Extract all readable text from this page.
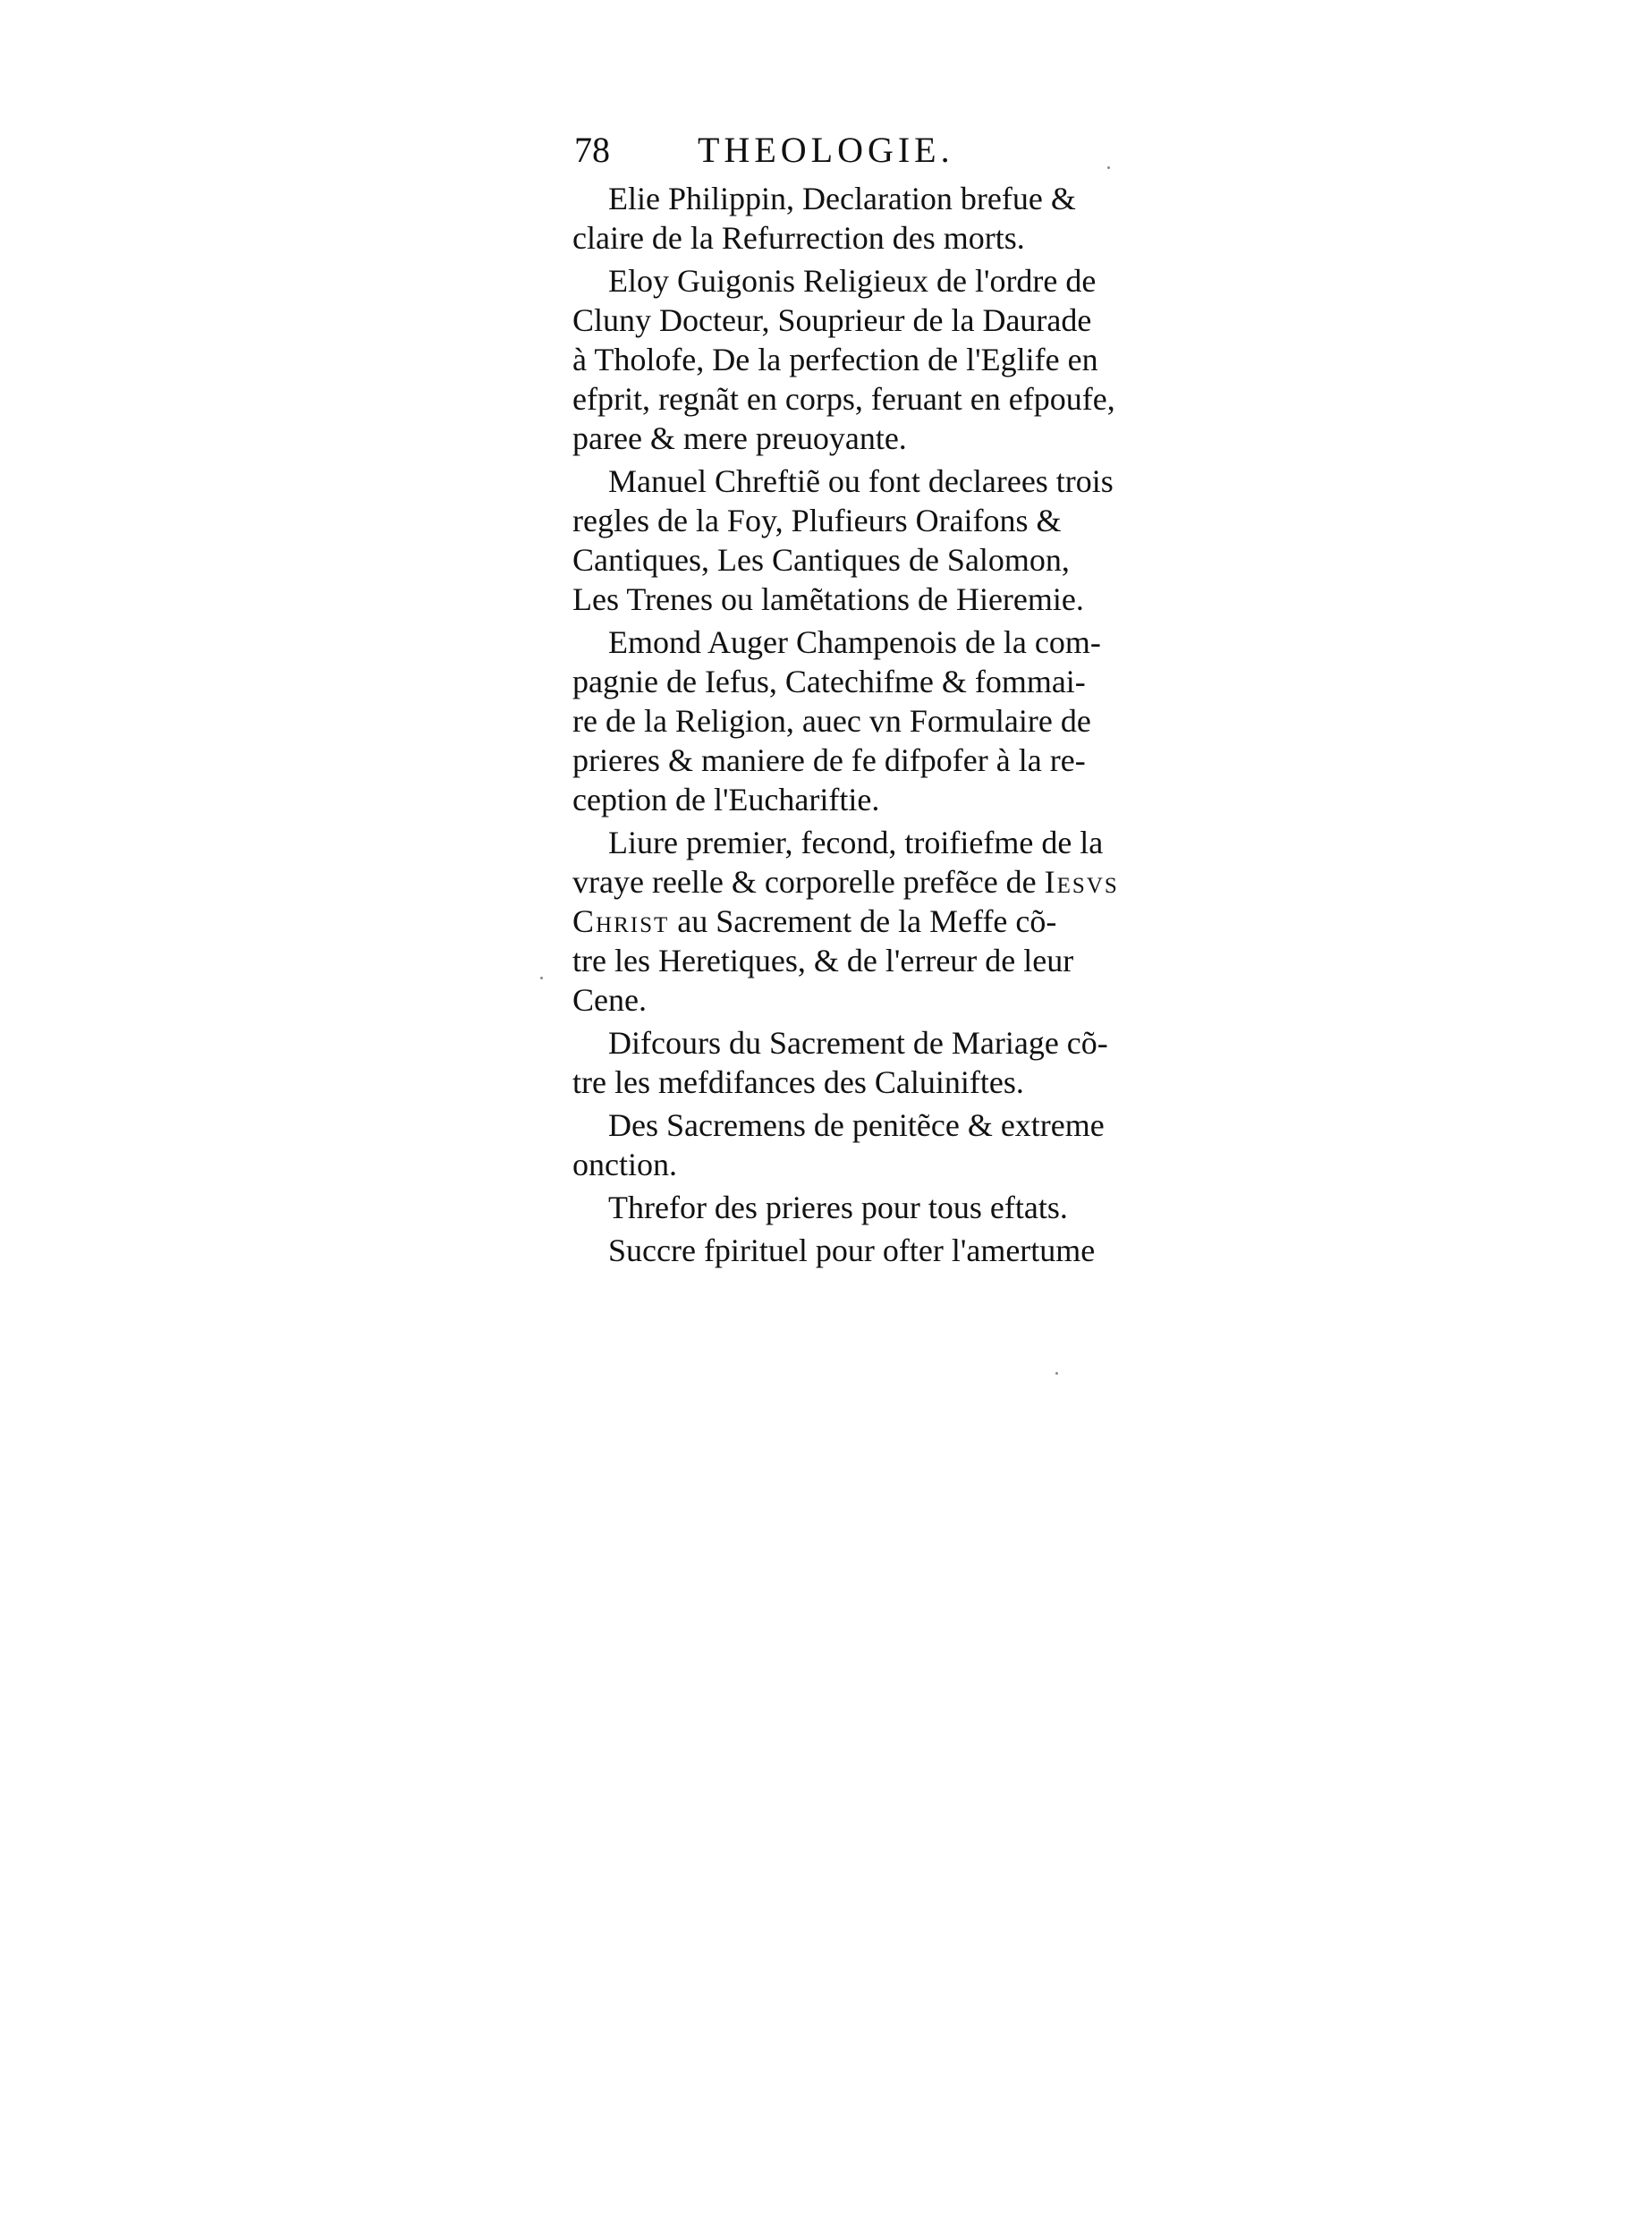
78 THEOLOGIE.
Elie Philippin, Declaration brefue &
claire de la Refurrection des morts.
Eloy Guigonis Religieux de l'ordre de
Cluny Docteur, Souprieur de la Daurade
à Tholofe, De la perfection de l'Eglife en
efprit, regnãt en corps, feruant en efpoufe,
paree & mere preuoyante.
Manuel Chreftiẽ ou font declarees trois
regles de la Foy, Plufieurs Oraifons &
Cantiques, Les Cantiques de Salomon,
Les Trenes ou lamẽtations de Hieremie.
Emond Auger Champenois de la com-
pagnie de Iefus, Catechifme & fommai-
re de la Religion, auec vn Formulaire de
prieres & maniere de fe difpofer à la re-
ception de l'Euchariftie.
Liure premier, fecond, troifiefme de la
vraye reelle & corporelle prefẽce de Iesvs
Christ au Sacrement de la Meffe cõ-
tre les Heretiques, & de l'erreur de leur
Cene.
Difcours du Sacrement de Mariage cõ-
tre les mefdifances des Caluiniftes.
Des Sacremens de penitẽce & extreme
onction.
Threfor des prieres pour tous eftats.
Succre fpirituel pour ofter l'amertume
